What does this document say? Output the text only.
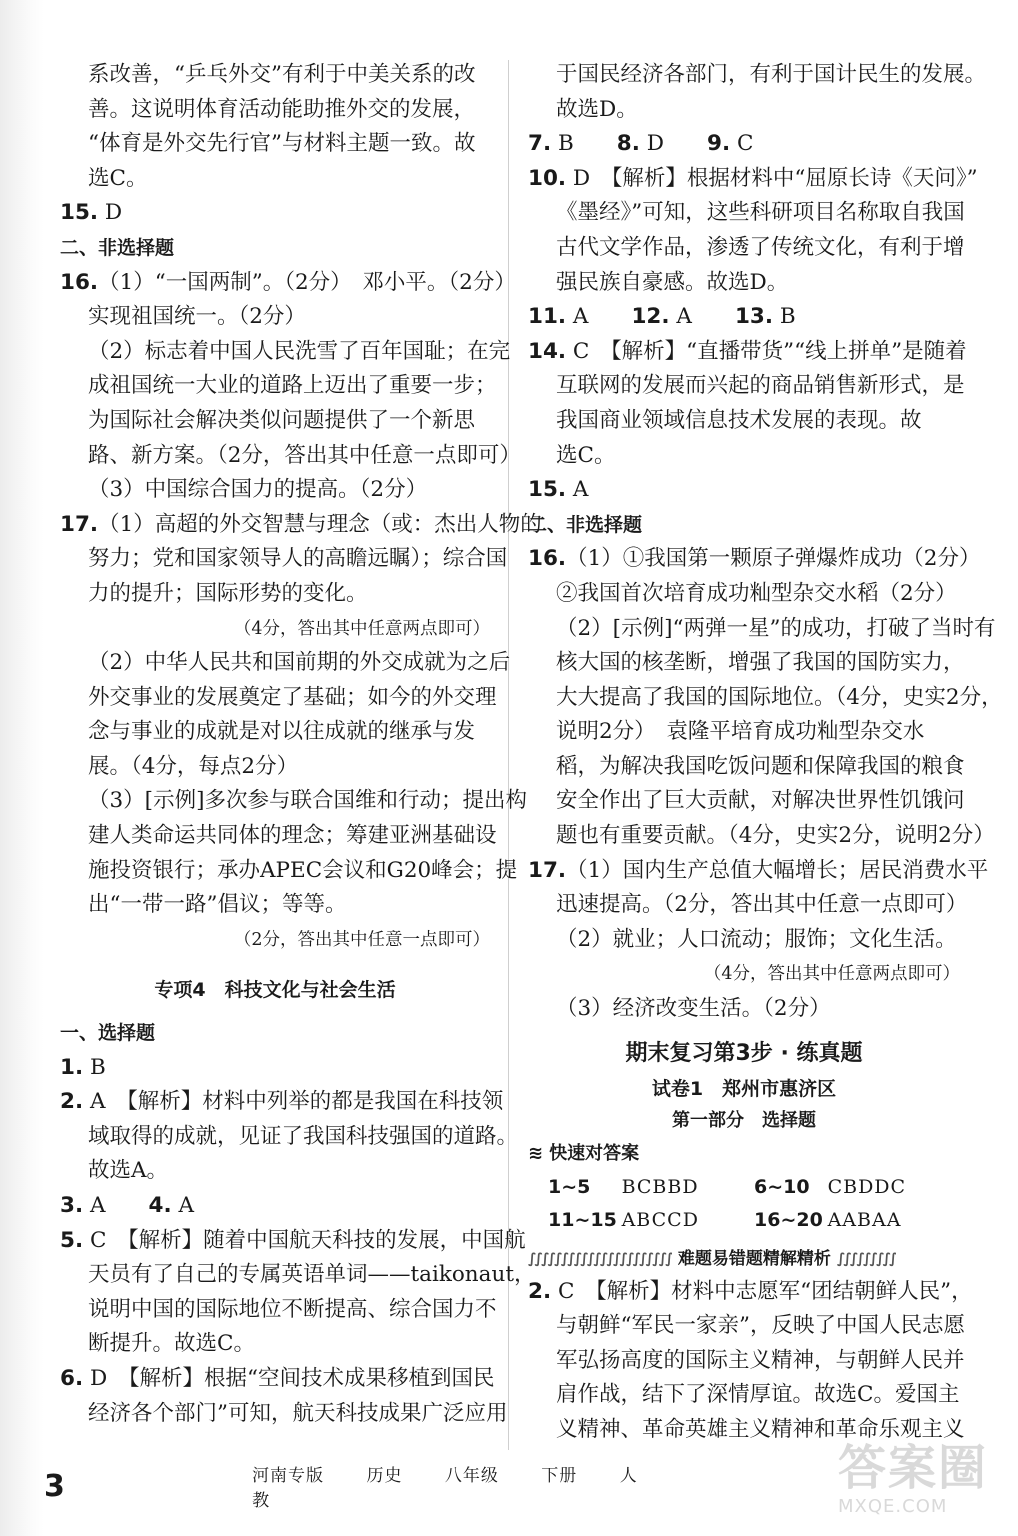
系改善，“乒乓外交”有利于中美关系的改
善。这说明体育活动能助推外交的发展，
“体育是外交先行官”与材料主题一致。故
选C。
15. D
二、非选择题
16.（1）“一国两制”。（2分）　邓小平。（2分）
实现祖国统一。（2分）
（2）标志着中国人民洗雪了百年国耻；在完
成祖国统一大业的道路上迈出了重要一步；
为国际社会解决类似问题提供了一个新思
路、新方案。（2分，答出其中任意一点即可）
（3）中国综合国力的提高。（2分）
17.（1）高超的外交智慧与理念（或：杰出人物的
努力；党和国家领导人的高瞻远瞩）；综合国
力的提升；国际形势的变化。
（4分，答出其中任意两点即可）
（2）中华人民共和国前期的外交成就为之后
外交事业的发展奠定了基础；如今的外交理
念与事业的成就是对以往成就的继承与发
展。（4分，每点2分）
（3）[示例]多次参与联合国维和行动；提出构
建人类命运共同体的理念；筹建亚洲基础设
施投资银行；承办APEC会议和G20峰会；提
出“一带一路”倡议；等等。
（2分，答出其中任意一点即可）
专项4　科技文化与社会生活
一、选择题
1. B
2. A　【解析】材料中列举的都是我国在科技领
域取得的成就，见证了我国科技强国的道路。
故选A。
3. A　　4. A
5. C　【解析】随着中国航天科技的发展，中国航
天员有了自己的专属英语单词——taikonaut，
说明中国的国际地位不断提高、综合国力不
断提升。故选C。
6. D　【解析】根据“空间技术成果移植到国民
经济各个部门”可知，航天科技成果广泛应用
于国民经济各部门，有利于国计民生的发展。
故选D。
7. B　　8. D　　9. C
10. D　【解析】根据材料中“屈原长诗《天问》”
《墨经》”可知，这些科研项目名称取自我国
古代文学作品，渗透了传统文化，有利于增
强民族自豪感。故选D。
11. A　　12. A　　13. B
14. C　【解析】“直播带货”“线上拼单”是随着
互联网的发展而兴起的商品销售新形式，是
我国商业领域信息技术发展的表现。故
选C。
15. A
二、非选择题
16.（1）①我国第一颗原子弹爆炸成功（2分）
②我国首次培育成功籼型杂交水稻（2分）
（2）[示例]“两弹一星”的成功，打破了当时有
核大国的核垄断，增强了我国的国防实力，
大大提高了我国的国际地位。（4分，史实2分，
说明2分）　袁隆平培育成功籼型杂交水
稻，为解决我国吃饭问题和保障我国的粮食
安全作出了巨大贡献，对解决世界性饥饿问
题也有重要贡献。（4分，史实2分，说明2分）
17.（1）国内生产总值大幅增长；居民消费水平
迅速提高。（2分，答出其中任意一点即可）
（2）就业；人口流动；服饰；文化生活。
（4分，答出其中任意两点即可）
（3）经济改变生活。（2分）
期末复习第3步 · 练真题
试卷1　郑州市惠济区
第一部分　选择题
≋ 快速对答案
1~5	BCBBD	6~10 CBDDC
11~15 ABCCD	16~20 AABAA
∫∫∫∫∫∫∫∫∫∫∫∫∫∫∫∫∫∫∫∫∫∫ 难题易错题精解精析 ∫∫∫∫∫∫∫∫∫
2. C　【解析】材料中志愿军“团结朝鲜人民”，
与朝鲜“军民一家亲”，反映了中国人民志愿
军弘扬高度的国际主义精神，与朝鲜人民并
肩作战，结下了深情厚谊。故选C。爱国主
义精神、革命英雄主义精神和革命乐观主义
3	河南专版 历史 八年级 下册 人教
答案圈
MXQE.COM
